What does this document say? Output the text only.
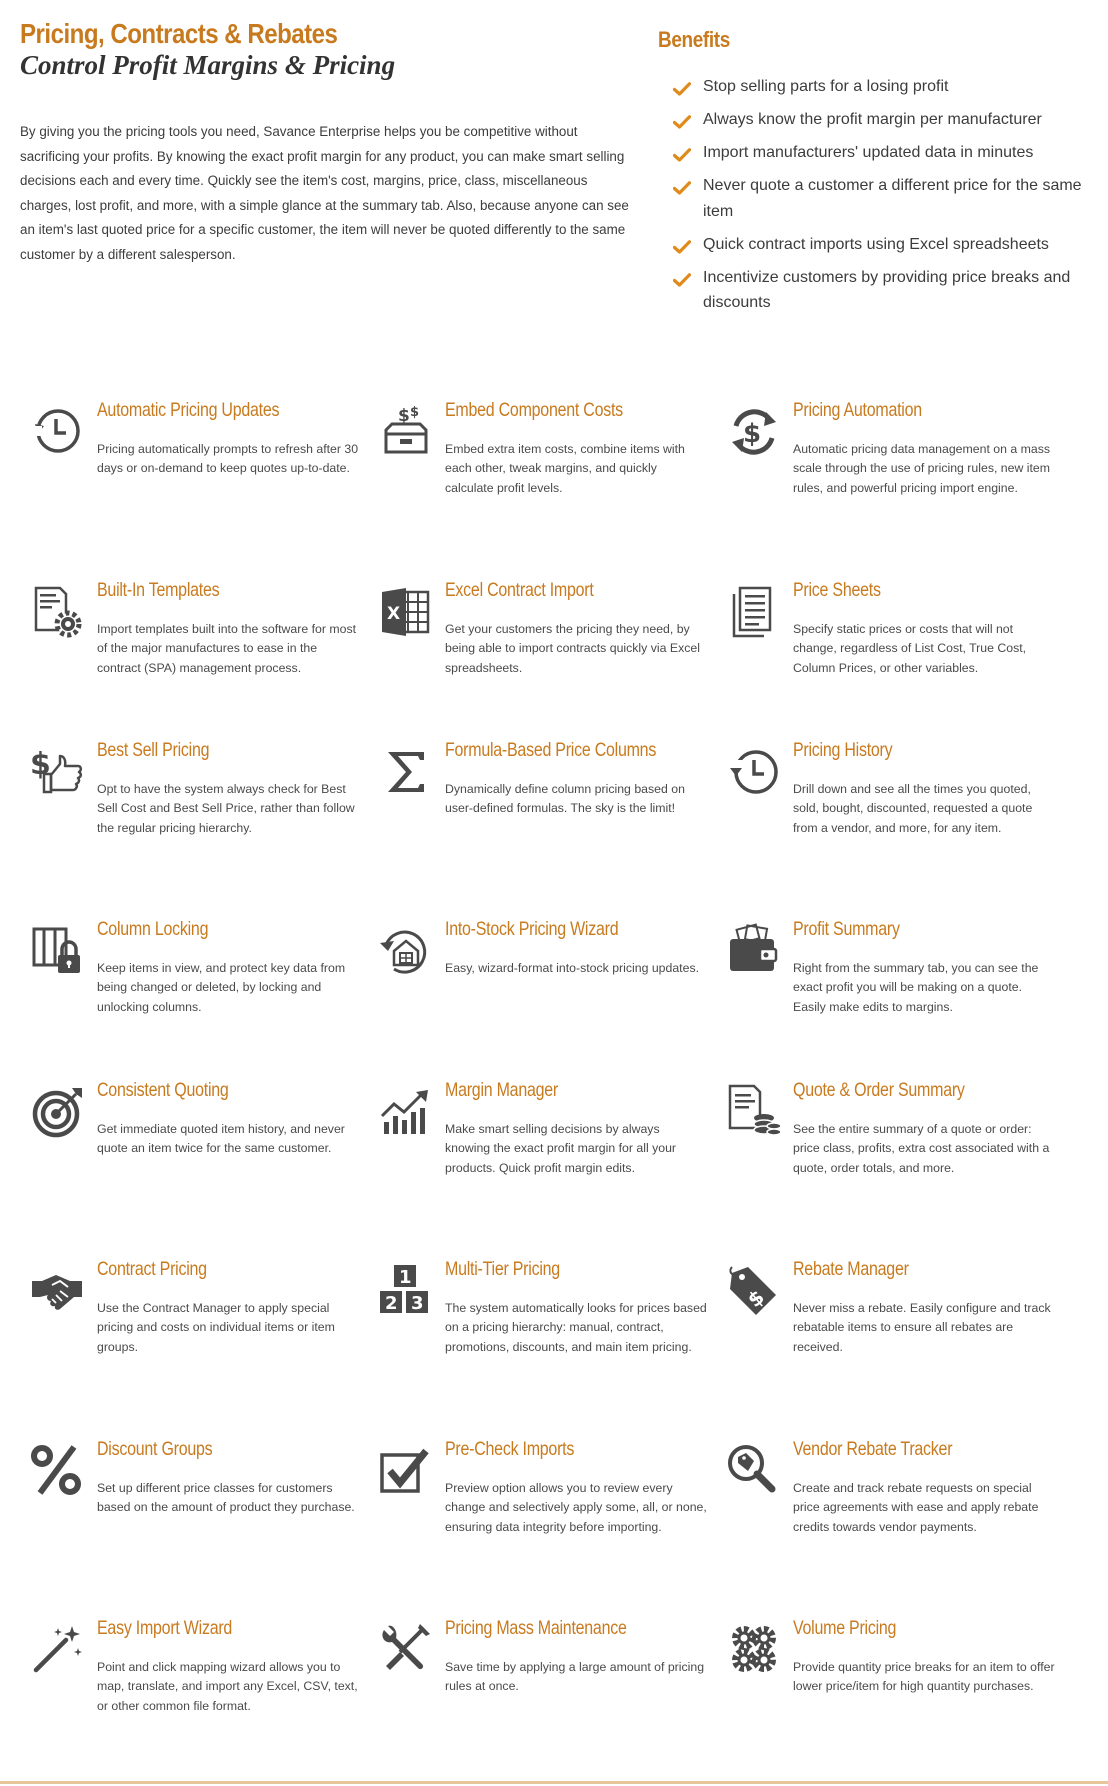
Pricing, Contracts & Rebates
Control Profit Margins & Pricing

By giving you the pricing tools you need, Savance Enterprise helps you be competitive without sacrificing your profits. By knowing the exact profit margin for any product, you can make smart selling decisions each and every time. Quickly see the item's cost, margins, price, class, miscellaneous charges, lost profit, and more, with a simple glance at the summary tab. Also, because anyone can see an item's last quoted price for a specific customer, the item will never be quoted differently to the same customer by a different salesperson.

Benefits
Stop selling parts for a losing profit
Always know the profit margin per manufacturer
Import manufacturers' updated data in minutes
Never quote a customer a different price for the same item
Quick contract imports using Excel spreadsheets
Incentivize customers by providing price breaks and discounts
Automatic Pricing Updates
Pricing automatically prompts to refresh after 30 days or on-demand to keep quotes up-to-date.
$ $ Embed Component Costs
Embed extra item costs, combine items with each other, tweak margins, and quickly calculate profit levels.
$
Pricing Automation
Automatic pricing data management on a mass scale through the use of pricing rules, new item rules, and powerful pricing import engine.
Built-In Templates
Import templates built into the software for most of the major manufactures to ease in the contract (SPA) management process.
X
Excel Contract Import
Get your customers the pricing they need, by being able to import contracts quickly via Excel spreadsheets.
Price Sheets
Specify static prices or costs that will not change, regardless of List Cost, True Cost, Column Prices, or other variables.
$ Best Sell Pricing
Opt to have the system always check for Best Sell Cost and Best Sell Price, rather than follow the regular pricing hierarchy.
Formula-Based Price Columns
Dynamically define column pricing based on user-defined formulas. The sky is the limit!
Pricing History
Drill down and see all the times you quoted, sold, bought, discounted, requested a quote from a vendor, and more, for any item.
Column Locking
Keep items in view, and protect key data from being changed or deleted, by locking and unlocking columns.
Into-Stock Pricing Wizard
Easy, wizard-format into-stock pricing updates.
Profit Summary
Right from the summary tab, you can see the exact profit you will be making on a quote. Easily make edits to margins.
Consistent Quoting
Get immediate quoted item history, and never quote an item twice for the same customer.
Margin Manager
Make smart selling decisions by always knowing the exact profit margin for all your products. Quick profit margin edits.
Quote & Order Summary
See the entire summary of a quote or order: price class, profits, extra cost associated with a quote, order totals, and more.
Contract Pricing
Use the Contract Manager to apply special pricing and costs on individual items or item groups.
1
2 3
Multi-Tier Pricing
The system automatically looks for prices based on a pricing hierarchy: manual, contract, promotions, discounts, and main item pricing.
$
Rebate Manager
Never miss a rebate. Easily configure and track rebatable items to ensure all rebates are received.
Discount Groups
Set up different price classes for customers based on the amount of product they purchase.
Pre-Check Imports
Preview option allows you to review every change and selectively apply some, all, or none, ensuring data integrity before importing.
Vendor Rebate Tracker
Create and track rebate requests on special price agreements with ease and apply rebate credits towards vendor payments.
Easy Import Wizard
Point and click mapping wizard allows you to map, translate, and import any Excel, CSV, text, or other common file format.
Pricing Mass Maintenance
Save time by applying a large amount of pricing rules at once.
Volume Pricing
Provide quantity price breaks for an item to offer lower price/item for high quantity purchases.
